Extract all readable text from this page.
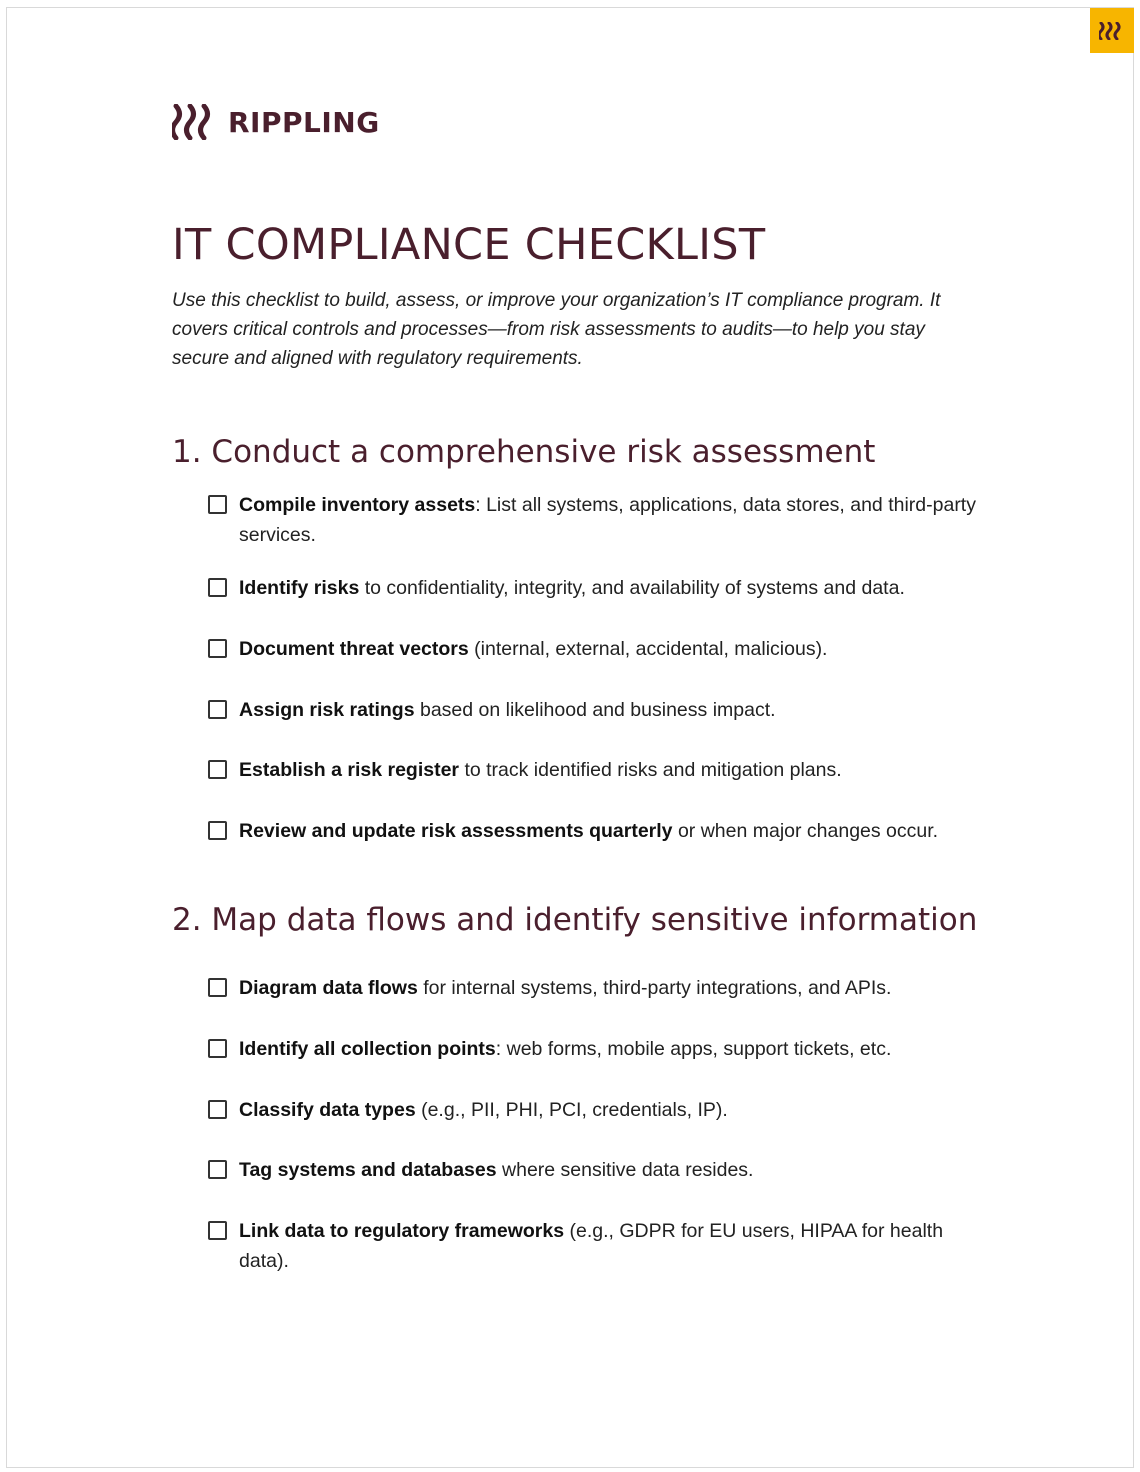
RIPPLING
IT COMPLIANCE CHECKLIST

Use this checklist to build, assess, or improve your organization’s IT compliance program. It covers critical controls and processes—from risk assessments to audits—to help you stay secure and aligned with regulatory requirements.

1. Conduct a comprehensive risk assessment
Compile inventory assets: List all systems, applications, data stores, and third-party services.
Identify risks to confidentiality, integrity, and availability of systems and data.
Document threat vectors (internal, external, accidental, malicious).
Assign risk ratings based on likelihood and business impact.
Establish a risk register to track identified risks and mitigation plans.
Review and update risk assessments quarterly or when major changes occur.
2. Map data flows and identify sensitive information
Diagram data flows for internal systems, third-party integrations, and APIs.
Identify all collection points: web forms, mobile apps, support tickets, etc.
Classify data types (e.g., PII, PHI, PCI, credentials, IP).
Tag systems and databases where sensitive data resides.
Link data to regulatory frameworks (e.g., GDPR for EU users, HIPAA for health data).
